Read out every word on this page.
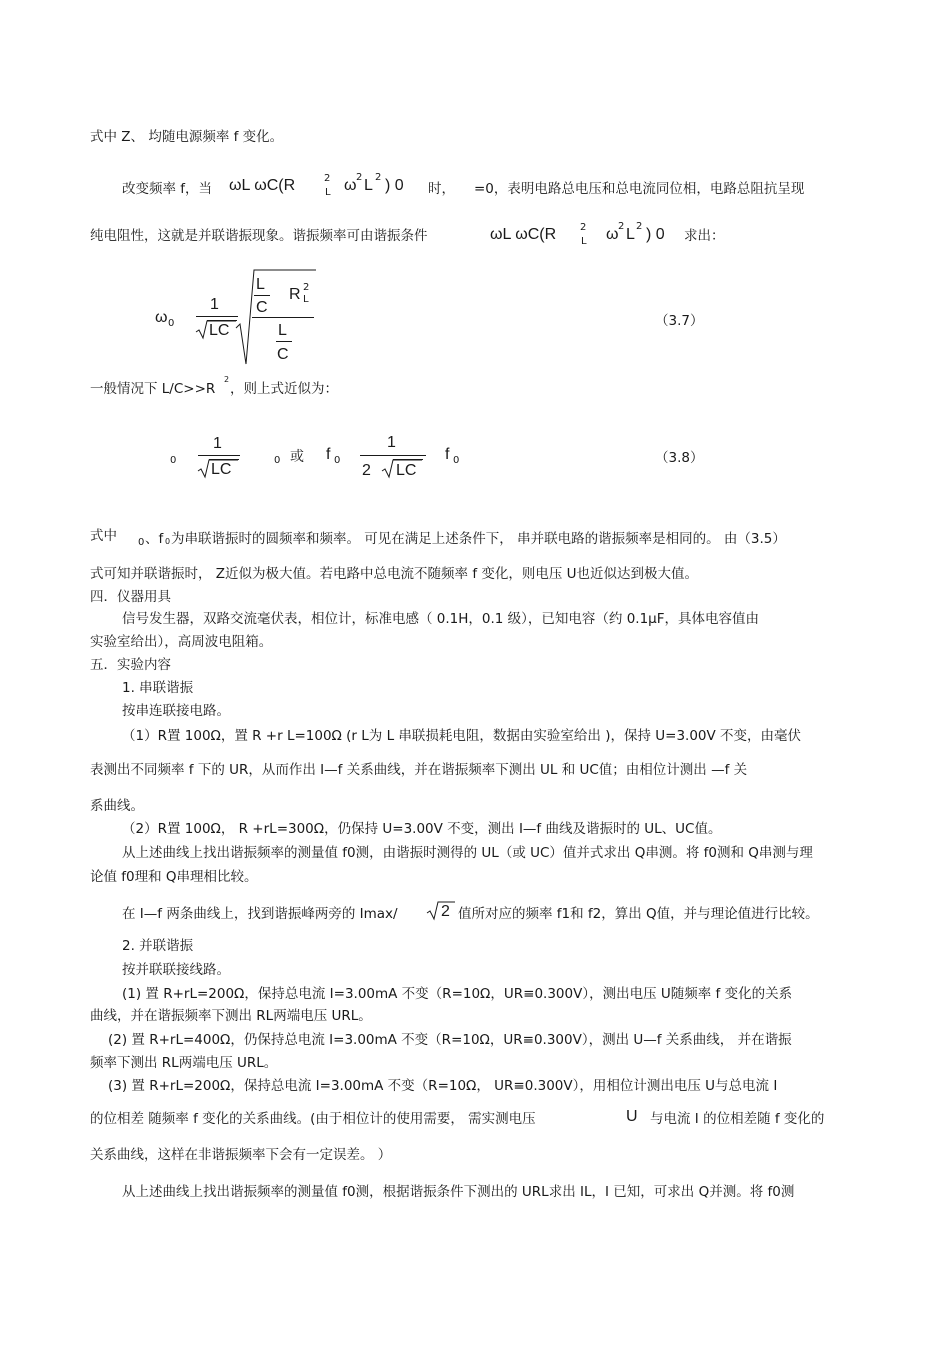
式中 Z、 均随电源频率 f 变化。
改变频率 f，当 ωL ωC(R	2
L ω 2 L 2 ) 0 时， =0，表明电路总电压和总电流同位相，电路总阻抗呈现
纯电阻性，这就是并联谐振现象。谐振频率可由谐振条件	ωL ωC(R 2
L ω 2 L 2 ) 0 求出：
ω 0
1
LC
L
C
R 2
L
L
C
（3.7）
一般情况下 L/C>>R
2
，则上式近似为：
0
1
LC
0 或 f 0
1
2 LC
f 0	（3.8）
式中 0 、f 0 为串联谐振时的圆频率和频率。 可见在满足上述条件下， 串并联电路的谐振频率是相同的。 由（3.5）
式可知并联谐振时， Z近似为极大值。若电路中总电流不随频率 f 变化，则电压 U也近似达到极大值。
四．仪器用具
信号发生器，双路交流毫伏表，相位计，标准电感（ 0.1H，0.1 级），已知电容（约 0.1μF，具体电容值由
实验室给出），高周波电阻箱。
五．实验内容
1. 串联谐振
按串连联接电路。
（1）R置 100Ω，置 R +r L=100Ω (r L为 L 串联损耗电阻，数据由实验室给出 )，保持 U=3.00V 不变，由毫伏
表测出不同频率 f 下的 UR，从而作出 I—f 关系曲线，并在谐振频率下测出 UL 和 UC值；由相位计测出 —f 关
系曲线。
（2）R置 100Ω， R +rL=300Ω，仍保持 U=3.00V 不变，测出 I—f 曲线及谐振时的 UL、UC值。
从上述曲线上找出谐振频率的测量值 f0测，由谐振时测得的 UL（或 UC）值并式求出 Q串测。将 f0测和 Q串测与理
论值 f0理和 Q串理相比较。
在 I—f 两条曲线上，找到谐振峰两旁的 Imax/	2 值所对应的频率 f1和 f2，算出 Q值，并与理论值进行比较。
2. 并联谐振
按并联联接线路。
(1) 置 R+rL=200Ω，保持总电流 I=3.00mA 不变（R=10Ω，UR≡0.300V），测出电压 U随频率 f 变化的关系
曲线，并在谐振频率下测出 RL两端电压 URL。
(2) 置 R+rL=400Ω，仍保持总电流 I=3.00mA 不变（R=10Ω，UR≡0.300V），测出 U—f 关系曲线， 并在谐振
频率下测出 RL两端电压 URL。
(3) 置 R+rL=200Ω，保持总电流 I=3.00mA 不变（R=10Ω， UR≡0.300V），用相位计测出电压 U与总电流 I
的位相差 随频率 f 变化的关系曲线。(由于相位计的使用需要， 需实测电压	U 与电流 I 的位相差随 f 变化的
关系曲线，这样在非谐振频率下会有一定误差。 ）
从上述曲线上找出谐振频率的测量值 f0测，根据谐振条件下测出的 URL求出 IL，I 已知，可求出 Q并测。将 f0测
